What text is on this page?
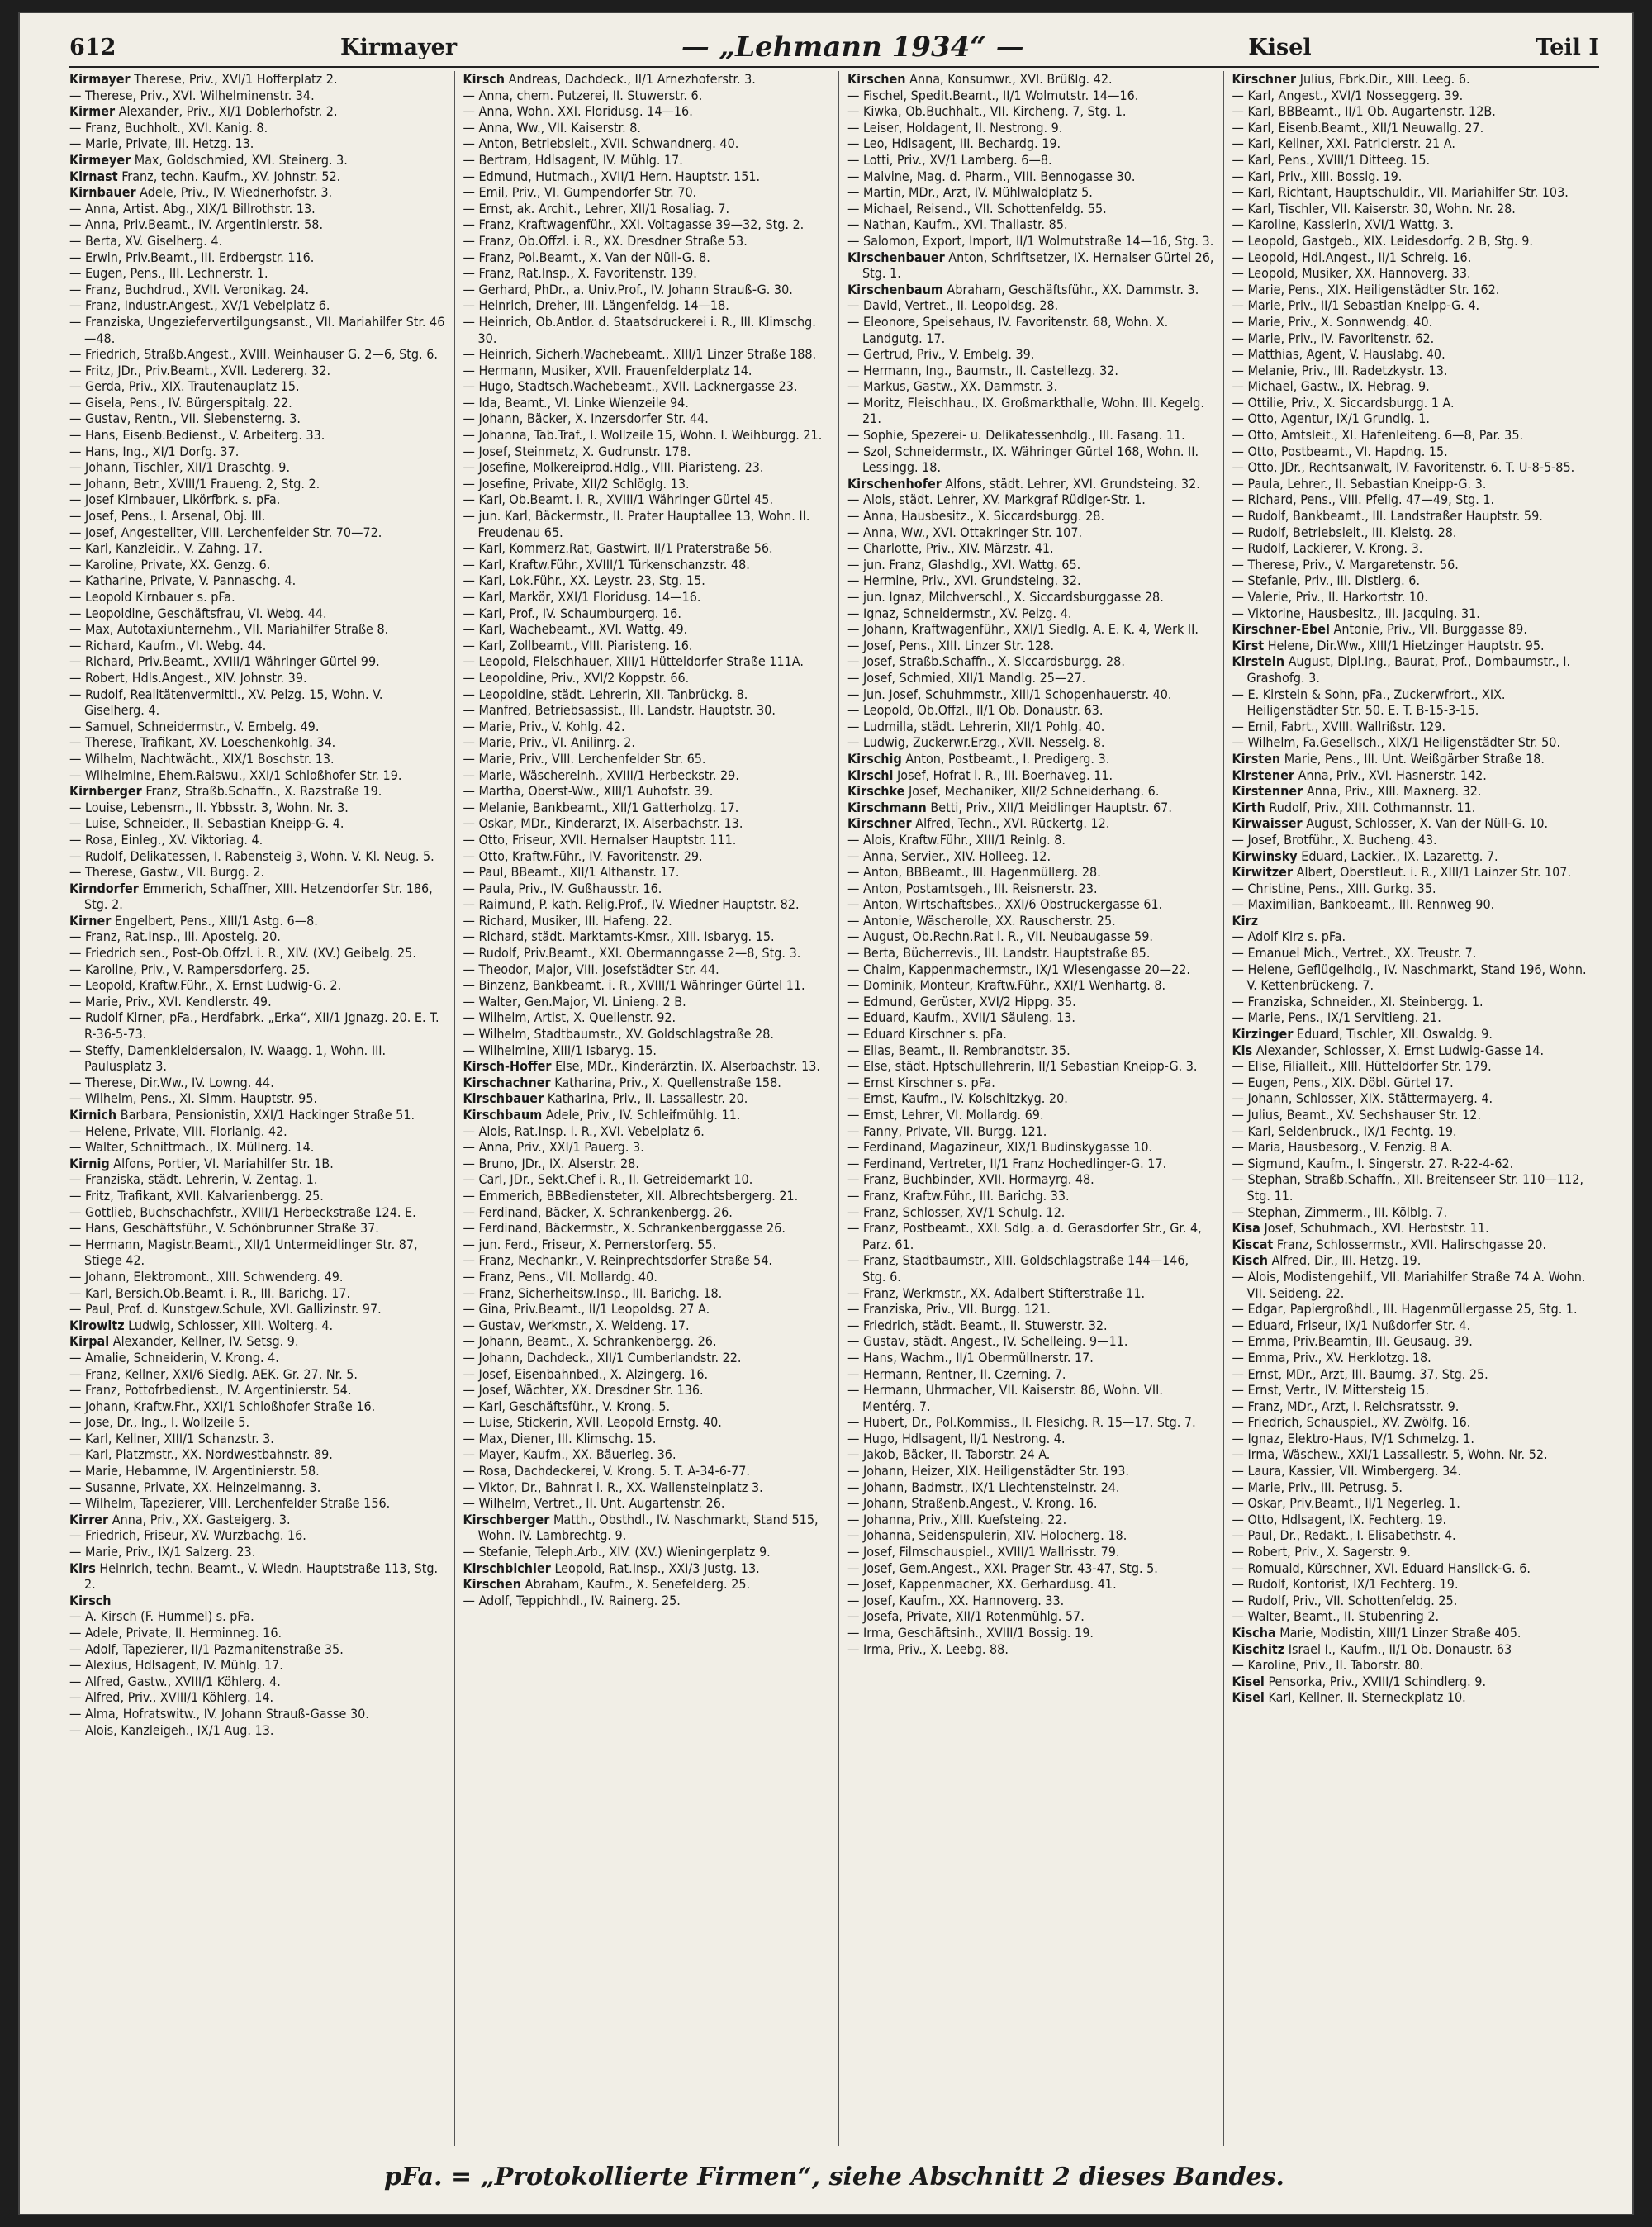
612	Kirmayer	— „Lehmann 1934“ —	Kisel	Teil I
Kirmayer Therese, Priv., XVI/1 Hofferplatz 2.
— Therese, Priv., XVI. Wilhelminenstr. 34.
Kirmer Alexander, Priv., XI/1 Doblerhofstr. 2.
— Franz, Buchholt., XVI. Kanig. 8.
— Marie, Private, III. Hetzg. 13.
Kirmeyer Max, Goldschmied, XVI. Steinerg. 3.
Kirnast Franz, techn. Kaufm., XV. Johnstr. 52.
Kirnbauer Adele, Priv., IV. Wiednerhofstr. 3.
— Anna, Artist. Abg., XIX/1 Billrothstr. 13.
— Anna, Priv.Beamt., IV. Argentinierstr. 58.
— Berta, XV. Giselherg. 4.
— Erwin, Priv.Beamt., III. Erdbergstr. 116.
— Eugen, Pens., III. Lechnerstr. 1.
— Franz, Buchdrud., XVII. Veronikag. 24.
— Franz, Industr.Angest., XV/1 Vebelplatz 6.
— Franziska, Ungeziefervertilgungsanst., VII. Mariahilfer Str. 46—48.
— Friedrich, Straßb.Angest., XVIII. Weinhauser G. 2—6, Stg. 6.
— Fritz, JDr., Priv.Beamt., XVII. Ledererg. 32.
— Gerda, Priv., XIX. Trautenauplatz 15.
— Gisela, Pens., IV. Bürgerspitalg. 22.
— Gustav, Rentn., VII. Siebensterng. 3.
— Hans, Eisenb.Bedienst., V. Arbeiterg. 33.
— Hans, Ing., XI/1 Dorfg. 37.
— Johann, Tischler, XII/1 Draschtg. 9.
— Johann, Betr., XVIII/1 Fraueng. 2, Stg. 2.
— Josef Kirnbauer, Likörfbrk. s. pFa.
— Josef, Pens., I. Arsenal, Obj. III.
— Josef, Angestellter, VIII. Lerchenfelder Str. 70—72.
— Karl, Kanzleidir., V. Zahng. 17.
— Karoline, Private, XX. Genzg. 6.
— Katharine, Private, V. Pannaschg. 4.
— Leopold Kirnbauer s. pFa.
— Leopoldine, Geschäftsfrau, VI. Webg. 44.
— Max, Autotaxiunternehm., VII. Mariahilfer Straße 8.
— Richard, Kaufm., VI. Webg. 44.
— Richard, Priv.Beamt., XVIII/1 Währinger Gürtel 99.
— Robert, Hdls.Angest., XIV. Johnstr. 39.
— Rudolf, Realitätenvermittl., XV. Pelzg. 15, Wohn. V. Giselherg. 4.
— Samuel, Schneidermstr., V. Embelg. 49.
— Therese, Trafikant, XV. Loeschenkohlg. 34.
— Wilhelm, Nachtwächt., XIX/1 Boschstr. 13.
— Wilhelmine, Ehem.Raiswu., XXI/1 Schloßhofer Str. 19.
Kirnberger Franz, Straßb.Schaffn., X. Razstraße 19.
— Louise, Lebensm., II. Ybbsstr. 3, Wohn. Nr. 3.
— Luise, Schneider., II. Sebastian Kneipp-G. 4.
— Rosa, Einleg., XV. Viktoriag. 4.
— Rudolf, Delikatessen, I. Rabensteig 3, Wohn. V. Kl. Neug. 5.
— Therese, Gastw., VII. Burgg. 2.
Kirndorfer Emmerich, Schaffner, XIII. Hetzendorfer Str. 186, Stg. 2.
Kirner Engelbert, Pens., XIII/1 Astg. 6—8.
— Franz, Rat.Insp., III. Apostelg. 20.
— Friedrich sen., Post-Ob.Offzl. i. R., XIV. (XV.) Geibelg. 25.
— Karoline, Priv., V. Rampersdorferg. 25.
— Leopold, Kraftw.Führ., X. Ernst Ludwig-G. 2.
— Marie, Priv., XVI. Kendlerstr. 49.
— Rudolf Kirner, pFa., Herdfabrk. „Erka“, XII/1 Jgnazg. 20. E. T. R-36-5-73.
— Steffy, Damenkleidersalon, IV. Waagg. 1, Wohn. III. Paulusplatz 3.
— Therese, Dir.Ww., IV. Lowng. 44.
— Wilhelm, Pens., XI. Simm. Hauptstr. 95.
Kirnich Barbara, Pensionistin, XXI/1 Hackinger Straße 51.
— Helene, Private, VIII. Florianig. 42.
— Walter, Schnittmach., IX. Müllnerg. 14.
Kirnig Alfons, Portier, VI. Mariahilfer Str. 1B.
— Franziska, städt. Lehrerin, V. Zentag. 1.
— Fritz, Trafikant, XVII. Kalvarienbergg. 25.
— Gottlieb, Buchschachfstr., XVIII/1 Herbeckstraße 124. E.
— Hans, Geschäftsführ., V. Schönbrunner Straße 37.
— Hermann, Magistr.Beamt., XII/1 Untermeidlinger Str. 87, Stiege 42.
— Johann, Elektromont., XIII. Schwenderg. 49.
— Karl, Bersich.Ob.Beamt. i. R., III. Barichg. 17.
— Paul, Prof. d. Kunstgew.Schule, XVI. Gallizinstr. 97.
Kirowitz Ludwig, Schlosser, XIII. Wolterg. 4.
Kirpal Alexander, Kellner, IV. Setsg. 9.
— Amalie, Schneiderin, V. Krong. 4.
— Franz, Kellner, XXI/6 Siedlg. AEK. Gr. 27, Nr. 5.
— Franz, Pottofrbedienst., IV. Argentinierstr. 54.
— Johann, Kraftw.Fhr., XXI/1 Schloßhofer Straße 16.
— Jose, Dr., Ing., I. Wollzeile 5.
— Karl, Kellner, XIII/1 Schanzstr. 3.
— Karl, Platzmstr., XX. Nordwestbahnstr. 89.
— Marie, Hebamme, IV. Argentinierstr. 58.
— Susanne, Private, XX. Heinzelmanng. 3.
— Wilhelm, Tapezierer, VIII. Lerchenfelder Straße 156.
Kirrer Anna, Priv., XX. Gasteigerg. 3.
— Friedrich, Friseur, XV. Wurzbachg. 16.
— Marie, Priv., IX/1 Salzerg. 23.
Kirs Heinrich, techn. Beamt., V. Wiedn. Hauptstraße 113, Stg. 2.
Kirsch
— A. Kirsch (F. Hummel) s. pFa.
— Adele, Private, II. Herminneg. 16.
— Adolf, Tapezierer, II/1 Pazmanitenstraße 35.
— Alexius, Hdlsagent, IV. Mühlg. 17.
— Alfred, Gastw., XVIII/1 Köhlerg. 4.
— Alfred, Priv., XVIII/1 Köhlerg. 14.
— Alma, Hofratswitw., IV. Johann Strauß-Gasse 30.
— Alois, Kanzleigeh., IX/1 Aug. 13.
Kirsch Andreas, Dachdeck., II/1 Arnezhoferstr. 3.
— Anna, chem. Putzerei, II. Stuwerstr. 6.
— Anna, Wohn. XXI. Floridusg. 14—16.
— Anna, Ww., VII. Kaiserstr. 8.
— Anton, Betriebsleit., XVII. Schwandnerg. 40.
— Bertram, Hdlsagent, IV. Mühlg. 17.
— Edmund, Hutmach., XVII/1 Hern. Hauptstr. 151.
— Emil, Priv., VI. Gumpendorfer Str. 70.
— Ernst, ak. Archit., Lehrer, XII/1 Rosaliag. 7.
— Franz, Kraftwagenführ., XXI. Voltagasse 39—32, Stg. 2.
— Franz, Ob.Offzl. i. R., XX. Dresdner Straße 53.
— Franz, Pol.Beamt., X. Van der Nüll-G. 8.
— Franz, Rat.Insp., X. Favoritenstr. 139.
— Gerhard, PhDr., a. Univ.Prof., IV. Johann Strauß-G. 30.
— Heinrich, Dreher, III. Längenfeldg. 14—18.
— Heinrich, Ob.Antlor. d. Staatsdruckerei i. R., III. Klimschg. 30.
— Heinrich, Sicherh.Wachebeamt., XIII/1 Linzer Straße 188.
— Hermann, Musiker, XVII. Frauenfelderplatz 14.
— Hugo, Stadtsch.Wachebeamt., XVII. Lacknergasse 23.
— Ida, Beamt., VI. Linke Wienzeile 94.
— Johann, Bäcker, X. Inzersdorfer Str. 44.
— Johanna, Tab.Traf., I. Wollzeile 15, Wohn. I. Weihburgg. 21.
— Josef, Steinmetz, X. Gudrunstr. 178.
— Josefine, Molkereiprod.Hdlg., VIII. Piaristeng. 23.
— Josefine, Private, XII/2 Schlöglg. 13.
— Karl, Ob.Beamt. i. R., XVIII/1 Währinger Gürtel 45.
— jun. Karl, Bäckermstr., II. Prater Hauptallee 13, Wohn. II. Freudenau 65.
— Karl, Kommerz.Rat, Gastwirt, II/1 Praterstraße 56.
— Karl, Kraftw.Führ., XVIII/1 Türkenschanzstr. 48.
— Karl, Lok.Führ., XX. Leystr. 23, Stg. 15.
— Karl, Markör, XXI/1 Floridusg. 14—16.
— Karl, Prof., IV. Schaumburgerg. 16.
— Karl, Wachebeamt., XVI. Wattg. 49.
— Karl, Zollbeamt., VIII. Piaristeng. 16.
— Leopold, Fleischhauer, XIII/1 Hütteldorfer Straße 111A.
— Leopoldine, Priv., XVI/2 Koppstr. 66.
— Leopoldine, städt. Lehrerin, XII. Tanbrückg. 8.
— Manfred, Betriebsassist., III. Landstr. Hauptstr. 30.
— Marie, Priv., V. Kohlg. 42.
— Marie, Priv., VI. Anilinrg. 2.
— Marie, Priv., VIII. Lerchenfelder Str. 65.
— Marie, Wäschereinh., XVIII/1 Herbeckstr. 29.
— Martha, Oberst-Ww., XIII/1 Auhofstr. 39.
— Melanie, Bankbeamt., XII/1 Gatterholzg. 17.
— Oskar, MDr., Kinderarzt, IX. Alserbachstr. 13.
— Otto, Friseur, XVII. Hernalser Hauptstr. 111.
— Otto, Kraftw.Führ., IV. Favoritenstr. 29.
— Paul, BBeamt., XII/1 Althanstr. 17.
— Paula, Priv., IV. Gußhausstr. 16.
— Raimund, P. kath. Relig.Prof., IV. Wiedner Hauptstr. 82.
— Richard, Musiker, III. Hafeng. 22.
— Richard, städt. Marktamts-Kmsr., XIII. Isbaryg. 15.
— Rudolf, Priv.Beamt., XXI. Obermanngasse 2—8, Stg. 3.
— Theodor, Major, VIII. Josefstädter Str. 44.
— Binzenz, Bankbeamt. i. R., XVIII/1 Währinger Gürtel 11.
— Walter, Gen.Major, VI. Linieng. 2 B.
— Wilhelm, Artist, X. Quellenstr. 92.
— Wilhelm, Stadtbaumstr., XV. Goldschlagstraße 28.
— Wilhelmine, XIII/1 Isbaryg. 15.
Kirsch-Hoffer Else, MDr., Kinderärztin, IX. Alserbachstr. 13.
Kirschachner Katharina, Priv., X. Quellenstraße 158.
Kirschbauer Katharina, Priv., II. Lassallestr. 20.
Kirschbaum Adele, Priv., IV. Schleifmühlg. 11.
— Alois, Rat.Insp. i. R., XVI. Vebelplatz 6.
— Anna, Priv., XXI/1 Pauerg. 3.
— Bruno, JDr., IX. Alserstr. 28.
— Carl, JDr., Sekt.Chef i. R., II. Getreidemarkt 10.
— Emmerich, BBBediensteter, XII. Albrechtsbergerg. 21.
— Ferdinand, Bäcker, X. Schrankenbergg. 26.
— Ferdinand, Bäckermstr., X. Schrankenberggasse 26.
— jun. Ferd., Friseur, X. Pernerstorferg. 55.
— Franz, Mechankr., V. Reinprechtsdorfer Straße 54.
— Franz, Pens., VII. Mollardg. 40.
— Franz, Sicherheitsw.Insp., III. Barichg. 18.
— Gina, Priv.Beamt., II/1 Leopoldsg. 27 A.
— Gustav, Werkmstr., X. Weideng. 17.
— Johann, Beamt., X. Schrankenbergg. 26.
— Johann, Dachdeck., XII/1 Cumberlandstr. 22.
— Josef, Eisenbahnbed., X. Alzingerg. 16.
— Josef, Wächter, XX. Dresdner Str. 136.
— Karl, Geschäftsführ., V. Krong. 5.
— Luise, Stickerin, XVII. Leopold Ernstg. 40.
— Max, Diener, III. Klimschg. 15.
— Mayer, Kaufm., XX. Bäuerleg. 36.
— Rosa, Dachdeckerei, V. Krong. 5. T. A-34-6-77.
— Viktor, Dr., Bahnrat i. R., XX. Wallensteinplatz 3.
— Wilhelm, Vertret., II. Unt. Augartenstr. 26.
Kirschberger Matth., Obsthdl., IV. Naschmarkt, Stand 515, Wohn. IV. Lambrechtg. 9.
— Stefanie, Teleph.Arb., XIV. (XV.) Wieningerplatz 9.
Kirschbichler Leopold, Rat.Insp., XXI/3 Justg. 13.
Kirschen Abraham, Kaufm., X. Senefelderg. 25.
— Adolf, Teppichhdl., IV. Rainerg. 25.
Kirschen Anna, Konsumwr., XVI. Brüßlg. 42.
— Fischel, Spedit.Beamt., II/1 Wolmutstr. 14—16.
— Kiwka, Ob.Buchhalt., VII. Kircheng. 7, Stg. 1.
— Leiser, Holdagent, II. Nestrong. 9.
— Leo, Hdlsagent, III. Bechardg. 19.
— Lotti, Priv., XV/1 Lamberg. 6—8.
— Malvine, Mag. d. Pharm., VIII. Bennogasse 30.
— Martin, MDr., Arzt, IV. Mühlwaldplatz 5.
— Michael, Reisend., VII. Schottenfeldg. 55.
— Nathan, Kaufm., XVI. Thaliastr. 85.
— Salomon, Export, Import, II/1 Wolmutstraße 14—16, Stg. 3.
Kirschenbauer Anton, Schriftsetzer, IX. Hernalser Gürtel 26, Stg. 1.
Kirschenbaum Abraham, Geschäftsführ., XX. Dammstr. 3.
— David, Vertret., II. Leopoldsg. 28.
— Eleonore, Speisehaus, IV. Favoritenstr. 68, Wohn. X. Landgutg. 17.
— Gertrud, Priv., V. Embelg. 39.
— Hermann, Ing., Baumstr., II. Castellezg. 32.
— Markus, Gastw., XX. Dammstr. 3.
— Moritz, Fleischhau., IX. Großmarkthalle, Wohn. III. Kegelg. 21.
— Sophie, Spezerei- u. Delikatessenhdlg., III. Fasang. 11.
— Szol, Schneidermstr., IX. Währinger Gürtel 168, Wohn. II. Lessingg. 18.
Kirschenhofer Alfons, städt. Lehrer, XVI. Grundsteing. 32.
— Alois, städt. Lehrer, XV. Markgraf Rüdiger-Str. 1.
— Anna, Hausbesitz., X. Siccardsburgg. 28.
— Anna, Ww., XVI. Ottakringer Str. 107.
— Charlotte, Priv., XIV. Märzstr. 41.
— jun. Franz, Glashdlg., XVI. Wattg. 65.
— Hermine, Priv., XVI. Grundsteing. 32.
— jun. Ignaz, Milchverschl., X. Siccardsburggasse 28.
— Ignaz, Schneidermstr., XV. Pelzg. 4.
— Johann, Kraftwagenführ., XXI/1 Siedlg. A. E. K. 4, Werk II.
— Josef, Pens., XIII. Linzer Str. 128.
— Josef, Straßb.Schaffn., X. Siccardsburgg. 28.
— Josef, Schmied, XII/1 Mandlg. 25—27.
— jun. Josef, Schuhmmstr., XIII/1 Schopenhauerstr. 40.
— Leopold, Ob.Offzl., II/1 Ob. Donaustr. 63.
— Ludmilla, städt. Lehrerin, XII/1 Pohlg. 40.
— Ludwig, Zuckerwr.Erzg., XVII. Nesselg. 8.
Kirschig Anton, Postbeamt., I. Predigerg. 3.
Kirschl Josef, Hofrat i. R., III. Boerhaveg. 11.
Kirschke Josef, Mechaniker, XII/2 Schneiderhang. 6.
Kirschmann Betti, Priv., XII/1 Meidlinger Hauptstr. 67.
Kirschner Alfred, Techn., XVI. Rückertg. 12.
— Alois, Kraftw.Führ., XIII/1 Reinlg. 8.
— Anna, Servier., XIV. Holleeg. 12.
— Anton, BBBeamt., III. Hagenmüllerg. 28.
— Anton, Postamtsgeh., III. Reisnerstr. 23.
— Anton, Wirtschaftsbes., XXI/6 Obstruckergasse 61.
— Antonie, Wäscherolle, XX. Rauscherstr. 25.
— August, Ob.Rechn.Rat i. R., VII. Neubaugasse 59.
— Berta, Bücherrevis., III. Landstr. Hauptstraße 85.
— Chaim, Kappenmachermstr., IX/1 Wiesengasse 20—22.
— Dominik, Monteur, Kraftw.Führ., XXI/1 Wenhartg. 8.
— Edmund, Gerüster, XVI/2 Hippg. 35.
— Eduard, Kaufm., XVII/1 Säuleng. 13.
— Eduard Kirschner s. pFa.
— Elias, Beamt., II. Rembrandtstr. 35.
— Else, städt. Hptschullehrerin, II/1 Sebastian Kneipp-G. 3.
— Ernst Kirschner s. pFa.
— Ernst, Kaufm., IV. Kolschitzkyg. 20.
— Ernst, Lehrer, VI. Mollardg. 69.
— Fanny, Private, VII. Burgg. 121.
— Ferdinand, Magazineur, XIX/1 Budinskygasse 10.
— Ferdinand, Vertreter, II/1 Franz Hochedlinger-G. 17.
— Franz, Buchbinder, XVII. Hormayrg. 48.
— Franz, Kraftw.Führ., III. Barichg. 33.
— Franz, Schlosser, XV/1 Schulg. 12.
— Franz, Postbeamt., XXI. Sdlg. a. d. Gerasdorfer Str., Gr. 4, Parz. 61.
— Franz, Stadtbaumstr., XIII. Goldschlagstraße 144—146, Stg. 6.
— Franz, Werkmstr., XX. Adalbert Stifterstraße 11.
— Franziska, Priv., VII. Burgg. 121.
— Friedrich, städt. Beamt., II. Stuwerstr. 32.
— Gustav, städt. Angest., IV. Schelleing. 9—11.
— Hans, Wachm., II/1 Obermüllnerstr. 17.
— Hermann, Rentner, II. Czerning. 7.
— Hermann, Uhrmacher, VII. Kaiserstr. 86, Wohn. VII. Mentérg. 7.
— Hubert, Dr., Pol.Kommiss., II. Flesichg. R. 15—17, Stg. 7.
— Hugo, Hdlsagent, II/1 Nestrong. 4.
— Jakob, Bäcker, II. Taborstr. 24 A.
— Johann, Heizer, XIX. Heiligenstädter Str. 193.
— Johann, Badmstr., IX/1 Liechtensteinstr. 24.
— Johann, Straßenb.Angest., V. Krong. 16.
— Johanna, Priv., XIII. Kuefsteing. 22.
— Johanna, Seidenspulerin, XIV. Holocherg. 18.
— Josef, Filmschauspiel., XVIII/1 Wallrisstr. 79.
— Josef, Gem.Angest., XXI. Prager Str. 43-47, Stg. 5.
— Josef, Kappenmacher, XX. Gerhardusg. 41.
— Josef, Kaufm., XX. Hannoverg. 33.
— Josefa, Private, XII/1 Rotenmühlg. 57.
— Irma, Geschäftsinh., XVIII/1 Bossig. 19.
— Irma, Priv., X. Leebg. 88.
Kirschner Julius, Fbrk.Dir., XIII. Leeg. 6.
— Karl, Angest., XVI/1 Nosseggerg. 39.
— Karl, BBBeamt., II/1 Ob. Augartenstr. 12B.
— Karl, Eisenb.Beamt., XII/1 Neuwallg. 27.
— Karl, Kellner, XXI. Patricierstr. 21 A.
— Karl, Pens., XVIII/1 Ditteeg. 15.
— Karl, Priv., XIII. Bossig. 19.
— Karl, Richtant, Hauptschuldir., VII. Mariahilfer Str. 103.
— Karl, Tischler, VII. Kaiserstr. 30, Wohn. Nr. 28.
— Karoline, Kassierin, XVI/1 Wattg. 3.
— Leopold, Gastgeb., XIX. Leidesdorfg. 2 B, Stg. 9.
— Leopold, Hdl.Angest., II/1 Schreig. 16.
— Leopold, Musiker, XX. Hannoverg. 33.
— Marie, Pens., XIX. Heiligenstädter Str. 162.
— Marie, Priv., II/1 Sebastian Kneipp-G. 4.
— Marie, Priv., X. Sonnwendg. 40.
— Marie, Priv., IV. Favoritenstr. 62.
— Matthias, Agent, V. Hauslabg. 40.
— Melanie, Priv., III. Radetzkystr. 13.
— Michael, Gastw., IX. Hebrag. 9.
— Ottilie, Priv., X. Siccardsburgg. 1 A.
— Otto, Agentur, IX/1 Grundlg. 1.
— Otto, Amtsleit., XI. Hafenleiteng. 6—8, Par. 35.
— Otto, Postbeamt., VI. Hapdng. 15.
— Otto, JDr., Rechtsanwalt, IV. Favoritenstr. 6. T. U-8-5-85.
— Paula, Lehrer., II. Sebastian Kneipp-G. 3.
— Richard, Pens., VIII. Pfeilg. 47—49, Stg. 1.
— Rudolf, Bankbeamt., III. Landstraßer Hauptstr. 59.
— Rudolf, Betriebsleit., III. Kleistg. 28.
— Rudolf, Lackierer, V. Krong. 3.
— Therese, Priv., V. Margaretenstr. 56.
— Stefanie, Priv., III. Distlerg. 6.
— Valerie, Priv., II. Harkortstr. 10.
— Viktorine, Hausbesitz., III. Jacquing. 31.
Kirschner-Ebel Antonie, Priv., VII. Burggasse 89.
Kirst Helene, Dir.Ww., XIII/1 Hietzinger Hauptstr. 95.
Kirstein August, Dipl.Ing., Baurat, Prof., Dombaumstr., I. Grashofg. 3.
— E. Kirstein & Sohn, pFa., Zuckerwfrbrt., XIX. Heiligenstädter Str. 50. E. T. B-15-3-15.
— Emil, Fabrt., XVIII. Wallrißstr. 129.
— Wilhelm, Fa.Gesellsch., XIX/1 Heiligenstädter Str. 50.
Kirsten Marie, Pens., III. Unt. Weißgärber Straße 18.
Kirstener Anna, Priv., XVI. Hasnerstr. 142.
Kirstenner Anna, Priv., XIII. Maxnerg. 32.
Kirth Rudolf, Priv., XIII. Cothmannstr. 11.
Kirwaisser August, Schlosser, X. Van der Nüll-G. 10.
— Josef, Brotführ., X. Bucheng. 43.
Kirwinsky Eduard, Lackier., IX. Lazarettg. 7.
Kirwitzer Albert, Oberstleut. i. R., XIII/1 Lainzer Str. 107.
— Christine, Pens., XIII. Gurkg. 35.
— Maximilian, Bankbeamt., III. Rennweg 90.
Kirz
— Adolf Kirz s. pFa.
— Emanuel Mich., Vertret., XX. Treustr. 7.
— Helene, Geflügelhdlg., IV. Naschmarkt, Stand 196, Wohn. V. Kettenbrückeng. 7.
— Franziska, Schneider., XI. Steinbergg. 1.
— Marie, Pens., IX/1 Servitieng. 21.
Kirzinger Eduard, Tischler, XII. Oswaldg. 9.
Kis Alexander, Schlosser, X. Ernst Ludwig-Gasse 14.
— Elise, Filialleit., XIII. Hütteldorfer Str. 179.
— Eugen, Pens., XIX. Döbl. Gürtel 17.
— Johann, Schlosser, XIX. Stättermayerg. 4.
— Julius, Beamt., XV. Sechshauser Str. 12.
— Karl, Seidenbruck., IX/1 Fechtg. 19.
— Maria, Hausbesorg., V. Fenzig. 8 A.
— Sigmund, Kaufm., I. Singerstr. 27. R-22-4-62.
— Stephan, Straßb.Schaffn., XII. Breitenseer Str. 110—112, Stg. 11.
— Stephan, Zimmerm., III. Kölblg. 7.
Kisa Josef, Schuhmach., XVI. Herbststr. 11.
Kiscat Franz, Schlossermstr., XVII. Halirschgasse 20.
Kisch Alfred, Dir., III. Hetzg. 19.
— Alois, Modistengehilf., VII. Mariahilfer Straße 74 A. Wohn. VII. Seideng. 22.
— Edgar, Papiergroßhdl., III. Hagenmüllergasse 25, Stg. 1.
— Eduard, Friseur, IX/1 Nußdorfer Str. 4.
— Emma, Priv.Beamtin, III. Geusaug. 39.
— Emma, Priv., XV. Herklotzg. 18.
— Ernst, MDr., Arzt, III. Baumg. 37, Stg. 25.
— Ernst, Vertr., IV. Mittersteig 15.
— Franz, MDr., Arzt, I. Reichsratsstr. 9.
— Friedrich, Schauspiel., XV. Zwölfg. 16.
— Ignaz, Elektro-Haus, IV/1 Schmelzg. 1.
— Irma, Wäschew., XXI/1 Lassallestr. 5, Wohn. Nr. 52.
— Laura, Kassier, VII. Wimbergerg. 34.
— Marie, Priv., III. Petrusg. 5.
— Oskar, Priv.Beamt., II/1 Negerleg. 1.
— Otto, Hdlsagent, IX. Fechterg. 19.
— Paul, Dr., Redakt., I. Elisabethstr. 4.
— Robert, Priv., X. Sagerstr. 9.
— Romuald, Kürschner, XVI. Eduard Hanslick-G. 6.
— Rudolf, Kontorist, IX/1 Fechterg. 19.
— Rudolf, Priv., VII. Schottenfeldg. 25.
— Walter, Beamt., II. Stubenring 2.
Kischa Marie, Modistin, XIII/1 Linzer Straße 405.
Kischitz Israel I., Kaufm., II/1 Ob. Donaustr. 63
— Karoline, Priv., II. Taborstr. 80.
Kisel Pensorka, Priv., XVIII/1 Schindlerg. 9.
Kisel Karl, Kellner, II. Sterneckplatz 10.
pFa. = „Protokollierte Firmen“, siehe Abschnitt 2 dieses Bandes.
